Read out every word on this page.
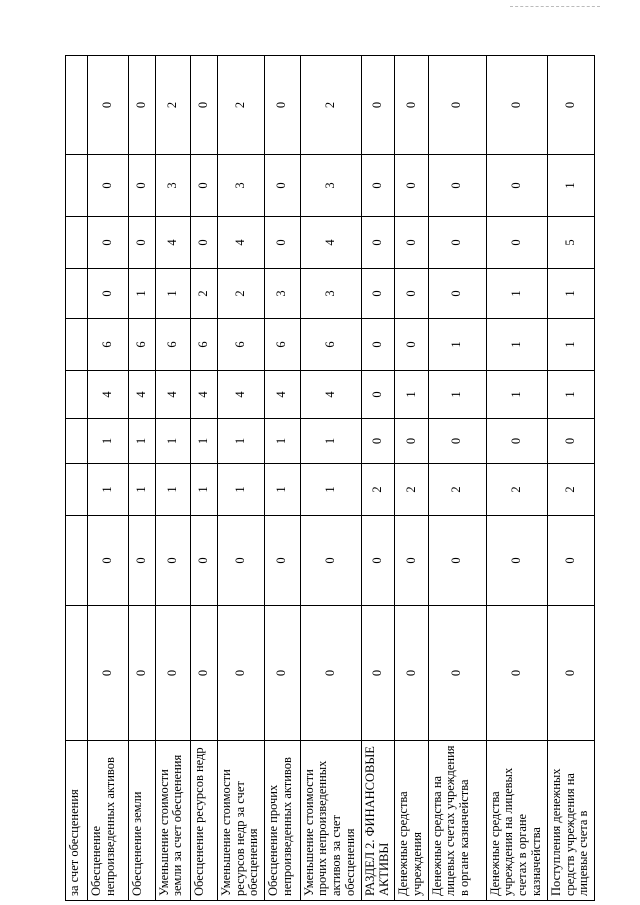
за счет обесценения										
Обесценение непроизведенных активов	0	0	1	1	4	6	0	0	0	0
Обесценение земли	0	0	1	1	4	6	1	0	0	0
Уменьшение стоимости земли за счет обесценения	0	0	1	1	4	6	1	4	3	2
Обесценение ресурсов недр	0	0	1	1	4	6	2	0	0	0
Уменьшение стоимости ресурсов недр за счет обесценения	0	0	1	1	4	6	2	4	3	2
Обесценение прочих непроизведенных активов	0	0	1	1	4	6	3	0	0	0
Уменьшение стоимости прочих непроизведенных активов за счет обесценения	0	0	1	1	4	6	3	4	3	2
РАЗДЕЛ 2. ФИНАНСОВЫЕ АКТИВЫ	0	0	2	0	0	0	0	0	0	0
Денежные средства учреждения	0	0	2	0	1	0	0	0	0	0
Денежные средства на лицевых счетах учреждения в органе казначейства	0	0	2	0	1	1	0	0	0	0
Денежные средства учреждения на лицевых счетах в органе казначейства	0	0	2	0	1	1	1	0	0	0
Поступления денежных средств учреждения на лицевые счета в	0	0	2	0	1	1	1	5	1	0
